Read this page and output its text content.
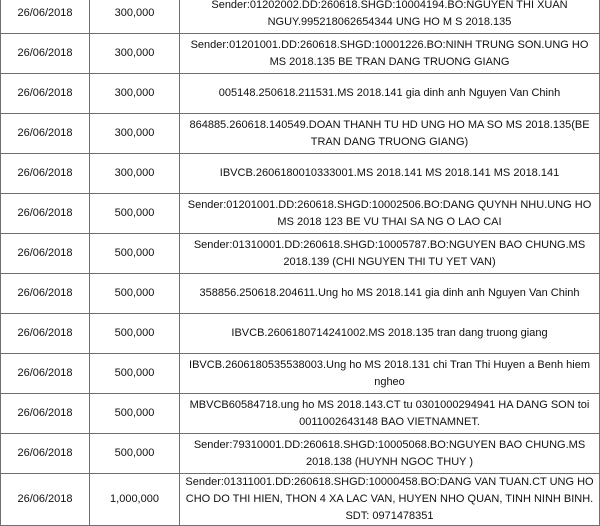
26/06/2018	300,000	Sender:01202002.DD:260618.SHGD:10004194.BO:NGUYEN THI XUAN NGUY.995218062654344 UNG HO M S 2018.135
26/06/2018	300,000	Sender:01201001.DD:260618.SHGD:10001226.BO:NINH TRUNG SON.UNG HO MS 2018.135 BE TRAN DANG TRUONG GIANG
26/06/2018	300,000	005148.250618.211531.MS 2018.141 gia dinh anh Nguyen Van Chinh
26/06/2018	300,000	864885.260618.140549.DOAN THANH TU HD UNG HO MA SO MS 2018.135(BE TRAN DANG TRUONG GIANG)
26/06/2018	300,000	IBVCB.2606180010333001.MS 2018.141 MS 2018.141 MS 2018.141
26/06/2018	500,000	Sender:01201001.DD:260618.SHGD:10002506.BO:DANG QUYNH NHU.UNG HO MS 2018 123 BE VU THAI SA NG O LAO CAI
26/06/2018	500,000	Sender:01310001.DD:260618.SHGD:10005787.BO:NGUYEN BAO CHUNG.MS 2018.139 (CHI NGUYEN THI TU YET VAN)
26/06/2018	500,000	358856.250618.204611.Ung ho MS 2018.141 gia dinh anh Nguyen Van Chinh
26/06/2018	500,000	IBVCB.2606180714241002.MS 2018.135 tran dang truong giang
26/06/2018	500,000	IBVCB.2606180535538003.Ung ho MS 2018.131 chi Tran Thi Huyen a Benh hiem ngheo
26/06/2018	500,000	MBVCB60584718.ung ho MS 2018.143.CT tu 0301000294941 HA DANG SON toi 0011002643148 BAO VIETNAMNET.
26/06/2018	500,000	Sender:79310001.DD:260618.SHGD:10005068.BO:NGUYEN BAO CHUNG.MS 2018.138 (HUYNH NGOC THUY )
26/06/2018	1,000,000	Sender:01311001.DD:260618.SHGD:10000458.BO:DANG VAN TUAN.CT UNG HO CHO DO THI HIEN, THON 4 XA LAC VAN, HUYEN NHO QUAN, TINH NINH BINH. SDT: 0971478351
